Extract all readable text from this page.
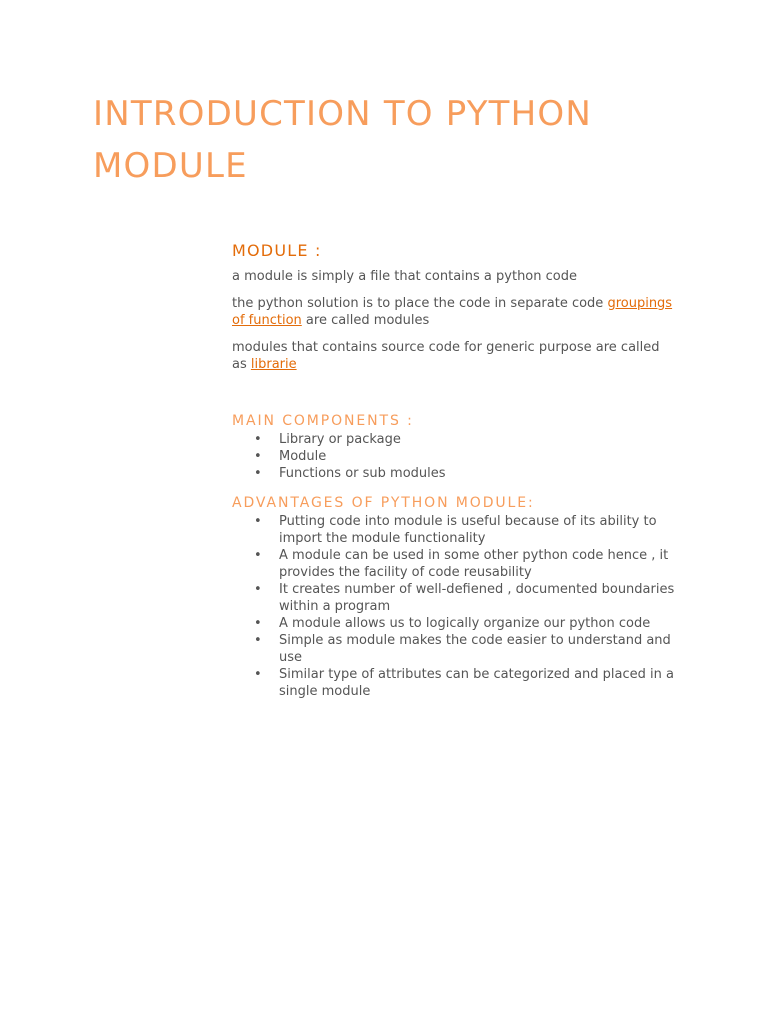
INTRODUCTION TO PYTHON MODULE
MODULE :

a module is simply a file that contains a python code

the python solution is to place the code in separate code groupings of function are called modules

modules that contains source code for generic purpose are called as librarie

MAIN COMPONENTS :
• Library or package
• Module
• Functions or sub modules
ADVANTAGES OF PYTHON MODULE:
• Putting code into module is useful because of its ability to import the module functionality
• A module can be used in some other python code hence , it provides the facility of code reusability
• It creates number of well-defiened , documented boundaries within a program
• A module allows us to logically organize our python code
• Simple as module makes the code easier to understand and use
• Similar type of attributes can be categorized and placed in a single module
